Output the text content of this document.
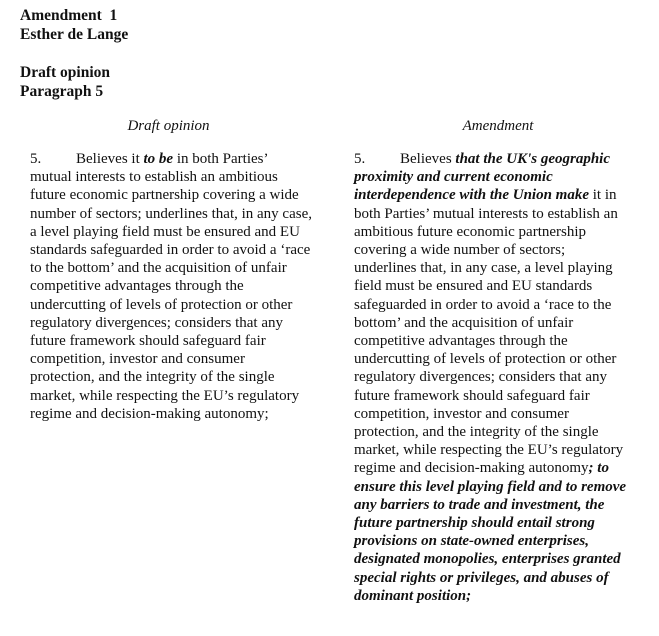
Amendment  1
Esther de Lange
Draft opinion
Paragraph 5
Draft opinion	Amendment
5. Believes it to be in both Parties’ mutual interests to establish an ambitious future economic partnership covering a wide number of sectors; underlines that, in any case, a level playing field must be ensured and EU standards safeguarded in order to avoid a ‘race to the bottom’ and the acquisition of unfair competitive advantages through the undercutting of levels of protection or other regulatory divergences; considers that any future framework should safeguard fair competition, investor and consumer protection, and the integrity of the single market, while respecting the EU’s regulatory regime and decision-making autonomy;
5. Believes that the UK's geographic proximity and current economic interdependence with the Union make it in both Parties’ mutual interests to establish an ambitious future economic partnership covering a wide number of sectors; underlines that, in any case, a level playing field must be ensured and EU standards safeguarded in order to avoid a ‘race to the bottom’ and the acquisition of unfair competitive advantages through the undercutting of levels of protection or other regulatory divergences; considers that any future framework should safeguard fair competition, investor and consumer protection, and the integrity of the single market, while respecting the EU’s regulatory regime and decision-making autonomy; to ensure this level playing field and to remove any barriers to trade and investment, the future partnership should entail strong provisions on state-owned enterprises, designated monopolies, enterprises granted special rights or privileges, and abuses of dominant position;
